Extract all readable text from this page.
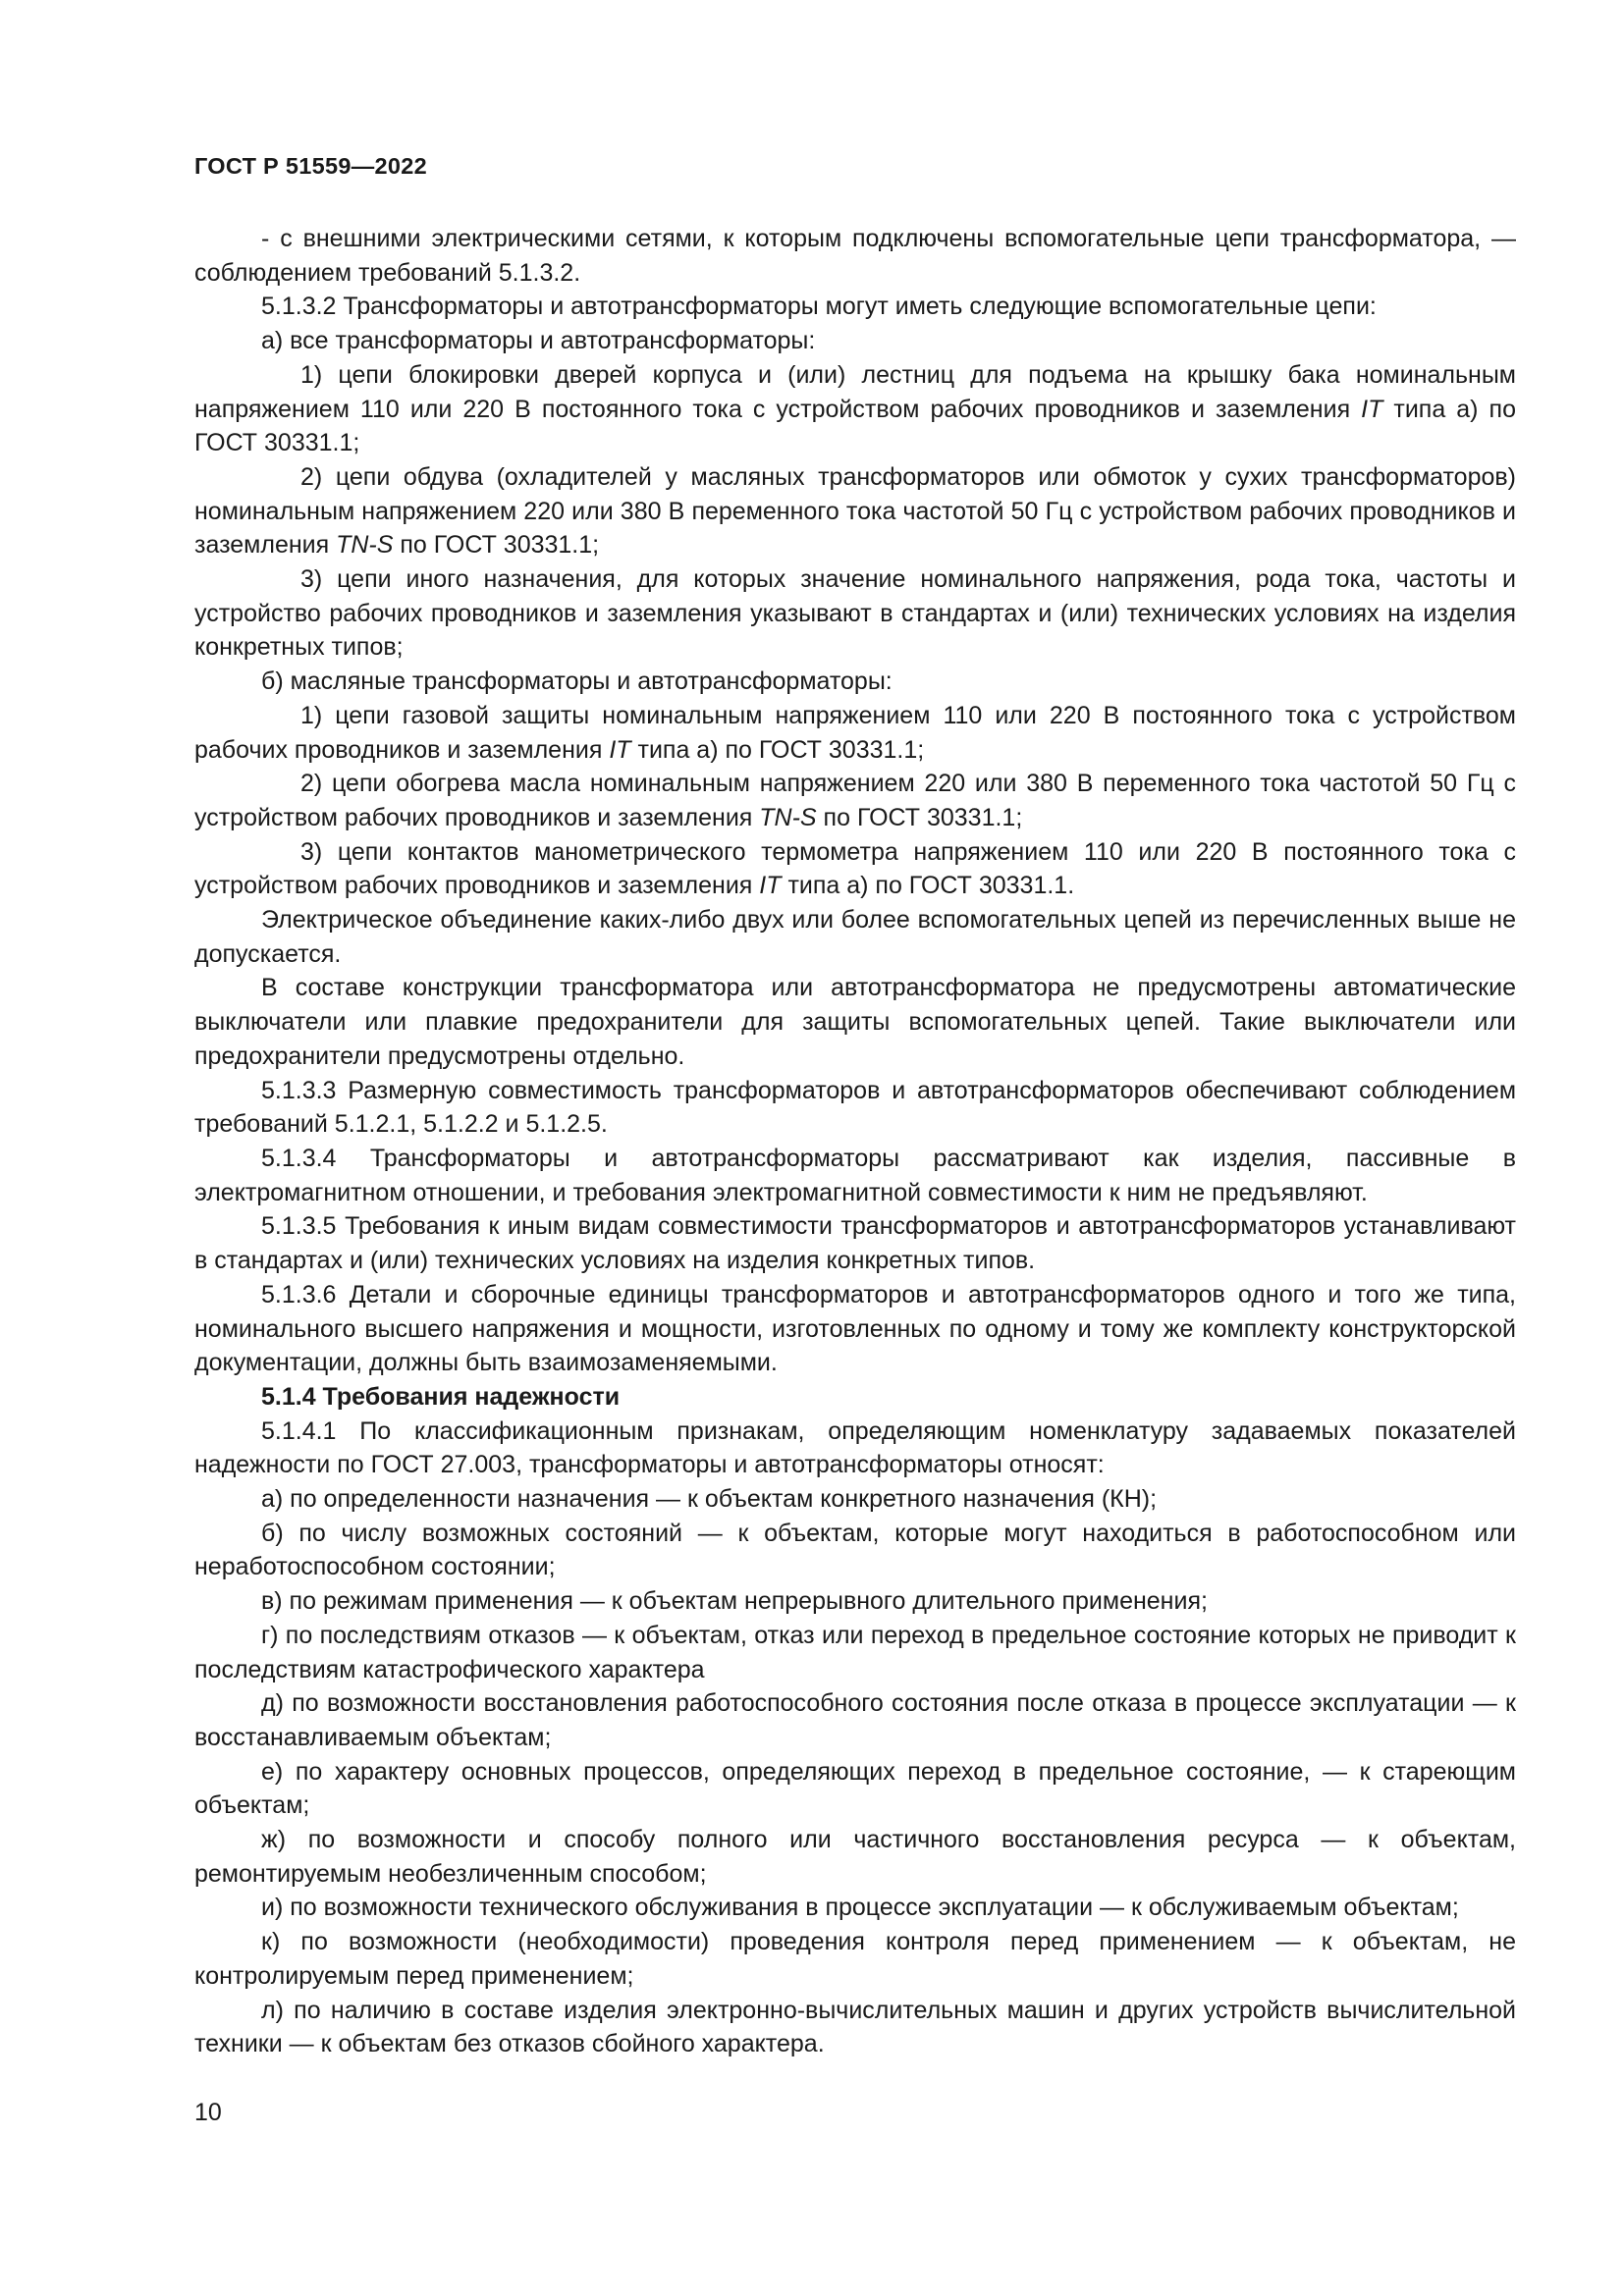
ГОСТ Р 51559—2022

- с внешними электрическими сетями, к которым подключены вспомогательные цепи трансформатора, — соблюдением требований 5.1.3.2.

5.1.3.2 Трансформаторы и автотрансформаторы могут иметь следующие вспомогательные цепи:

а) все трансформаторы и автотрансформаторы:

1) цепи блокировки дверей корпуса и (или) лестниц для подъема на крышку бака номинальным напряжением 110 или 220 В постоянного тока с устройством рабочих проводников и заземления IT типа а) по ГОСТ 30331.1;

2) цепи обдува (охладителей у масляных трансформаторов или обмоток у сухих трансформаторов) номинальным напряжением 220 или 380 В переменного тока частотой 50 Гц с устройством рабочих проводников и заземления TN-S по ГОСТ 30331.1;

3) цепи иного назначения, для которых значение номинального напряжения, рода тока, частоты и устройство рабочих проводников и заземления указывают в стандартах и (или) технических условиях на изделия конкретных типов;

б) масляные трансформаторы и автотрансформаторы:

1) цепи газовой защиты номинальным напряжением 110 или 220 В постоянного тока с устройством рабочих проводников и заземления IT типа а) по ГОСТ 30331.1;

2) цепи обогрева масла номинальным напряжением 220 или 380 В переменного тока частотой 50 Гц с устройством рабочих проводников и заземления TN-S по ГОСТ 30331.1;

3) цепи контактов манометрического термометра напряжением 110 или 220 В постоянного тока с устройством рабочих проводников и заземления IT типа а) по ГОСТ 30331.1.

Электрическое объединение каких-либо двух или более вспомогательных цепей из перечисленных выше не допускается.

В составе конструкции трансформатора или автотрансформатора не предусмотрены автоматические выключатели или плавкие предохранители для защиты вспомогательных цепей. Такие выключатели или предохранители предусмотрены отдельно.

5.1.3.3 Размерную совместимость трансформаторов и автотрансформаторов обеспечивают соблюдением требований 5.1.2.1, 5.1.2.2 и 5.1.2.5.

5.1.3.4 Трансформаторы и автотрансформаторы рассматривают как изделия, пассивные в электромагнитном отношении, и требования электромагнитной совместимости к ним не предъявляют.

5.1.3.5 Требования к иным видам совместимости трансформаторов и автотрансформаторов устанавливают в стандартах и (или) технических условиях на изделия конкретных типов.

5.1.3.6 Детали и сборочные единицы трансформаторов и автотрансформаторов одного и того же типа, номинального высшего напряжения и мощности, изготовленных по одному и тому же комплекту конструкторской документации, должны быть взаимозаменяемыми.

5.1.4 Требования надежности

5.1.4.1 По классификационным признакам, определяющим номенклатуру задаваемых показателей надежности по ГОСТ 27.003, трансформаторы и автотрансформаторы относят:

а) по определенности назначения — к объектам конкретного назначения (КН);

б) по числу возможных состояний — к объектам, которые могут находиться в работоспособном или неработоспособном состоянии;

в) по режимам применения — к объектам непрерывного длительного применения;

г) по последствиям отказов — к объектам, отказ или переход в предельное состояние которых не приводит к последствиям катастрофического характера

д) по возможности восстановления работоспособного состояния после отказа в процессе эксплуатации — к восстанавливаемым объектам;

е) по характеру основных процессов, определяющих переход в предельное состояние, — к стареющим объектам;

ж) по возможности и способу полного или частичного восстановления ресурса — к объектам, ремонтируемым необезличенным способом;

и) по возможности технического обслуживания в процессе эксплуатации — к обслуживаемым объектам;

к) по возможности (необходимости) проведения контроля перед применением — к объектам, не контролируемым перед применением;

л) по наличию в составе изделия электронно-вычислительных машин и других устройств вычислительной техники — к объектам без отказов сбойного характера.

10
